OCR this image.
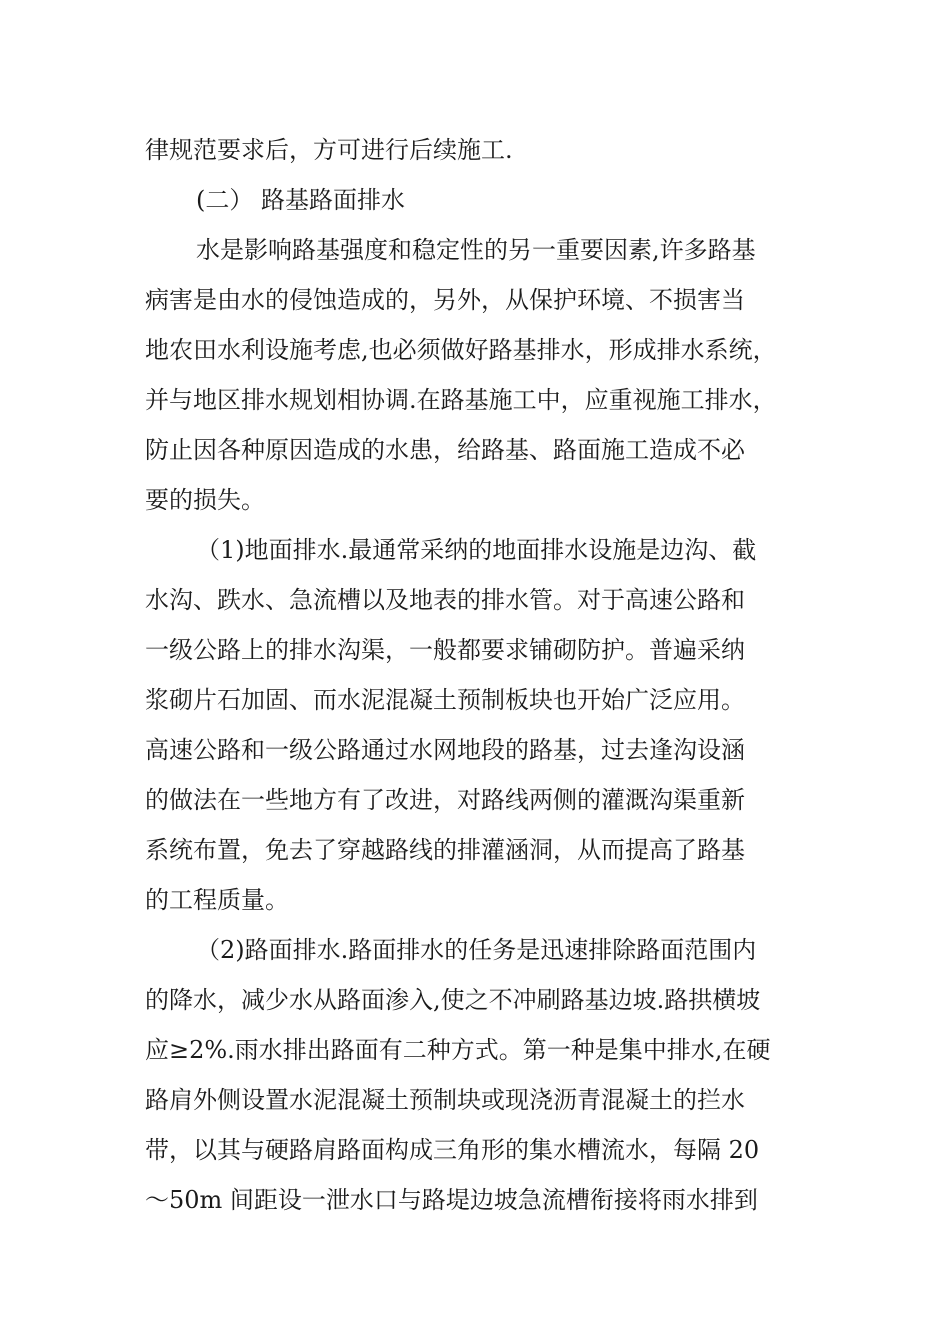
律规范要求后，方可进行后续施工.
(二） 路基路面排水
水是影响路基强度和稳定性的另一重要因素,许多路基
病害是由水的侵蚀造成的，另外，从保护环境、不损害当
地农田水利设施考虑,也必须做好路基排水，形成排水系统，
并与地区排水规划相协调.在路基施工中，应重视施工排水，
防止因各种原因造成的水患，给路基、路面施工造成不必
要的损失。
（1)地面排水.最通常采纳的地面排水设施是边沟、截
水沟、跌水、急流槽以及地表的排水管。对于高速公路和
一级公路上的排水沟渠，一般都要求铺砌防护。普遍采纳
浆砌片石加固、而水泥混凝土预制板块也开始广泛应用。
高速公路和一级公路通过水网地段的路基，过去逢沟设涵
的做法在一些地方有了改进，对路线两侧的灌溉沟渠重新
系统布置，免去了穿越路线的排灌涵洞，从而提高了路基
的工程质量。
（2)路面排水.路面排水的任务是迅速排除路面范围内
的降水，减少水从路面渗入,使之不冲刷路基边坡.路拱横坡
应≥2%.雨水排出路面有二种方式。第一种是集中排水,在硬
路肩外侧设置水泥混凝土预制块或现浇沥青混凝土的拦水
带，以其与硬路肩路面构成三角形的集水槽流水，每隔 20
～50m 间距设一泄水口与路堤边坡急流槽衔接将雨水排到
